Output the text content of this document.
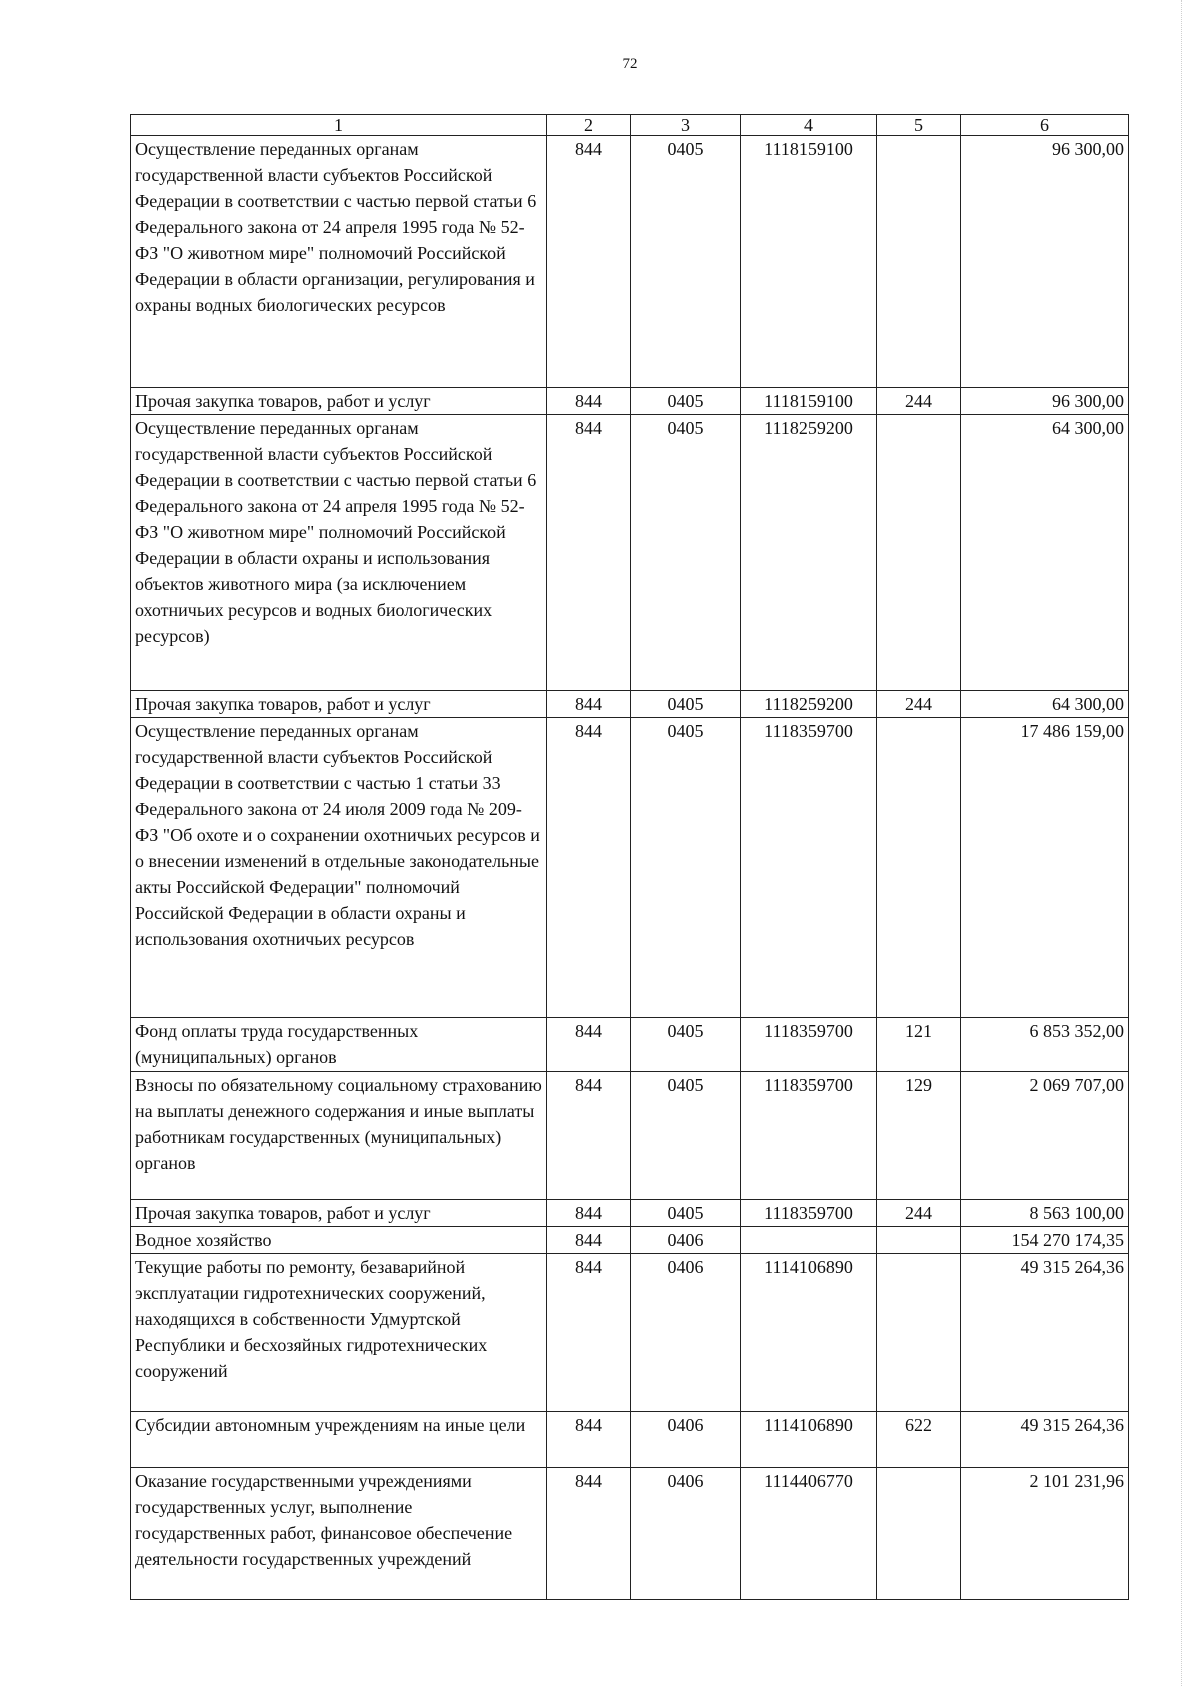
72
1	2	3	4	5	6
Осуществление переданных органам государственной власти субъектов Российской Федерации в соответствии с частью первой статьи 6 Федерального закона от 24 апреля 1995 года № 52-ФЗ "О животном мире" полномочий Российской Федерации в области организации, регулирования и охраны водных биологических ресурсов	844	0405	1118159100		96 300,00
Прочая закупка товаров, работ и услуг	844	0405	1118159100	244	96 300,00
Осуществление переданных органам государственной власти субъектов Российской Федерации в соответствии с частью первой статьи 6 Федерального закона от 24 апреля 1995 года № 52-ФЗ "О животном мире" полномочий Российской Федерации в области охраны и использования объектов животного мира (за исключением охотничьих ресурсов и водных биологических ресурсов)	844	0405	1118259200		64 300,00
Прочая закупка товаров, работ и услуг	844	0405	1118259200	244	64 300,00
Осуществление переданных органам государственной власти субъектов Российской Федерации в соответствии с частью 1 статьи 33 Федерального закона от 24 июля 2009 года № 209-ФЗ "Об охоте и о сохранении охотничьих ресурсов и о внесении изменений в отдельные законодательные акты Российской Федерации" полномочий Российской Федерации в области охраны и использования охотничьих ресурсов	844	0405	1118359700		17 486 159,00
Фонд оплаты труда государственных (муниципальных) органов	844	0405	1118359700	121	6 853 352,00
Взносы по обязательному социальному страхованию на выплаты денежного содержания и иные выплаты работникам государственных (муниципальных) органов	844	0405	1118359700	129	2 069 707,00
Прочая закупка товаров, работ и услуг	844	0405	1118359700	244	8 563 100,00
Водное хозяйство	844	0406			154 270 174,35
Текущие работы по ремонту, безаварийной эксплуатации гидротехнических сооружений, находящихся в собственности Удмуртской Республики и бесхозяйных гидротехнических сооружений	844	0406	1114106890		49 315 264,36
Субсидии автономным учреждениям на иные цели	844	0406	1114106890	622	49 315 264,36
Оказание государственными учреждениями государственных услуг, выполнение государственных работ, финансовое обеспечение деятельности государственных учреждений	844	0406	1114406770		2 101 231,96
